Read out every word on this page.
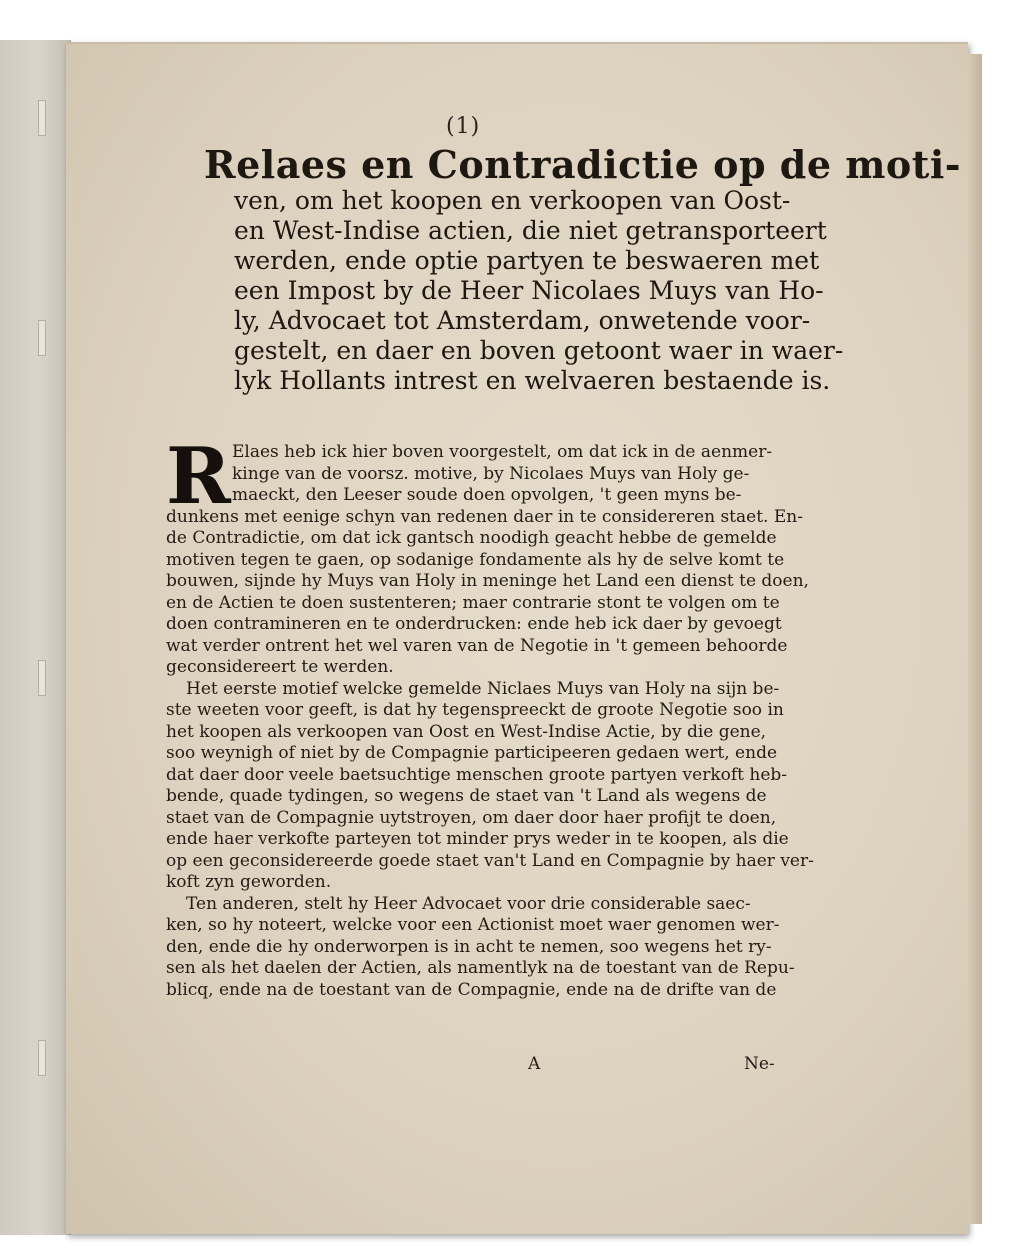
(1)
Relaes en Contradictie op de moti-
ven, om het koopen en verkoopen van Oost-
en West-Indise actien, die niet getransporteert
werden, ende optie partyen te beswaeren met
een Impost by de Heer Nicolaes Muys van Ho-
ly, Advocaet tot Amsterdam, onwetende voor-
gestelt, en daer en boven getoont waer in waer-
lyk Hollants intrest en welvaeren bestaende is.
R Elaes heb ick hier boven voorgestelt, om dat ick in de aenmer-
kinge van de voorsz. motive, by Nicolaes Muys van Holy ge-
maeckt, den Leeser soude doen opvolgen, 't geen myns be-
dunkens met eenige schyn van redenen daer in te considereren staet. En-
de Contradictie, om dat ick gantsch noodigh geacht hebbe de gemelde
motiven tegen te gaen, op sodanige fondamente als hy de selve komt te
bouwen, sijnde hy Muys van Holy in meninge het Land een dienst te doen,
en de Actien te doen sustenteren; maer contrarie stont te volgen om te
doen contramineren en te onderdrucken: ende heb ick daer by gevoegt
wat verder ontrent het wel varen van de Negotie in 't gemeen behoorde
geconsidereert te werden.
Het eerste motief welcke gemelde Niclaes Muys van Holy na sijn be-
ste weeten voor geeft, is dat hy tegenspreeckt de groote Negotie soo in
het koopen als verkoopen van Oost en West-Indise Actie, by die gene,
soo weynigh of niet by de Compagnie participeeren gedaen wert, ende
dat daer door veele baetsuchtige menschen groote partyen verkoft heb-
bende, quade tydingen, so wegens de staet van 't Land als wegens de
staet van de Compagnie uytstroyen, om daer door haer profijt te doen,
ende haer verkofte parteyen tot minder prys weder in te koopen, als die
op een geconsidereerde goede staet van't Land en Compagnie by haer ver-
koft zyn geworden.
Ten anderen, stelt hy Heer Advocaet voor drie considerable saec-
ken, so hy noteert, welcke voor een Actionist moet waer genomen wer-
den, ende die hy onderworpen is in acht te nemen, soo wegens het ry-
sen als het daelen der Actien, als namentlyk na de toestant van de Repu-
blicq, ende na de toestant van de Compagnie, ende na de drifte van de
A	Ne-
